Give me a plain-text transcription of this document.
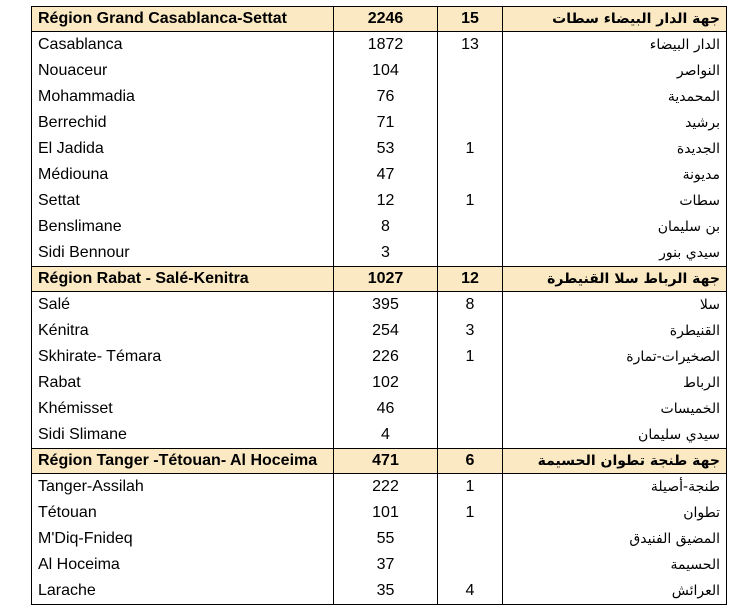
Région Grand Casablanca-Settat	2246	15	جهة الدار البيضاء سطات
Casablanca	1872	13	الدار البيضاء
Nouaceur	104		النواصر
Mohammadia	76		المحمدية
Berrechid	71		برشيد
El Jadida	53	1	الجديدة
Médiouna	47		مديونة
Settat	12	1	سطات
Benslimane	8		بن سليمان
Sidi Bennour	3		سيدي بنور
Région Rabat - Salé-Kenitra	1027	12	جهة الرباط سلا القنيطرة
Salé	395	8	سلا
Kénitra	254	3	القنيطرة
Skhirate- Témara	226	1	الصخيرات-تمارة
Rabat	102		الرباط
Khémisset	46		الخميسات
Sidi Slimane	4		سيدي سليمان
Région Tanger -Tétouan- Al Hoceima	471	6	جهة طنجة تطوان الحسيمة
Tanger-Assilah	222	1	طنجة-أصيلة
Tétouan	101	1	تطوان
M'Diq-Fnideq	55		المضيق الفنيدق
Al Hoceima	37		الحسيمة
Larache	35	4	العرائش
